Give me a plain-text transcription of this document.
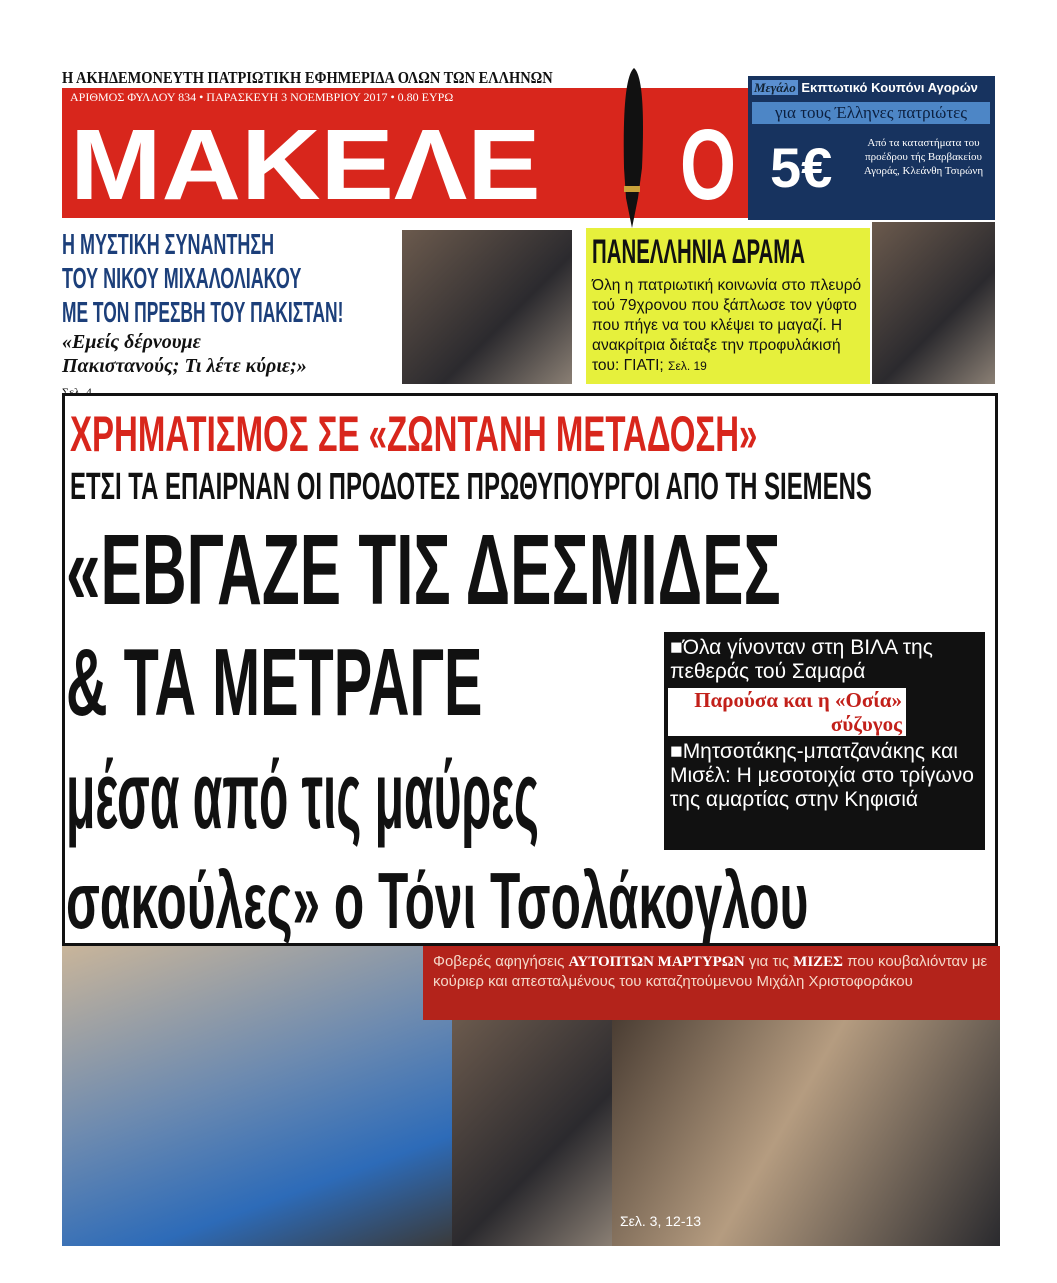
Η ΑΚΗΔΕΜΟΝΕΥΤΗ ΠΑΤΡΙΩΤΙΚΗ ΕΦΗΜΕΡΙΔΑ ΟΛΩΝ ΤΩΝ ΕΛΛΗΝΩΝ
ΑΡΙΘΜΟΣ ΦΥΛΛΟΥ 834 • ΠΑΡΑΣΚΕΥΗ 3 ΝΟΕΜΒΡΙΟΥ 2017 • 0.80 ΕΥΡΩ
ΜΑΚΕΛΕ Ο
Μεγάλο Εκπτωτικό Κουπόνι Αγορών
για τους Έλληνες πατριώτες
5€	Από τα καταστήματα του προέδρου τής Βαρβακείου Αγοράς, Κλεάνθη Τσιρώνη
Η ΜΥΣΤΙΚΗ ΣΥΝΑΝΤΗΣΗ
ΤΟΥ ΝΙΚΟΥ ΜΙΧΑΛΟΛΙΑΚΟΥ
ΜΕ ΤΟΝ ΠΡΕΣΒΗ ΤΟΥ ΠΑΚΙΣΤΑΝ!
«Εμείς δέρνουμε Πακιστανούς; Τι λέτε κύριε;» Σελ. 4
ΠΑΝΕΛΛΗΝΙΑ ΔΡΑΜΑ
Όλη η πατριωτική κοινωνία στο πλευρό τού 79χρονου που ξάπλωσε τον γύφτο που πήγε να του κλέψει το μαγαζί. Η ανακρίτρια διέταξε την προφυλάκισή του: ΓΙΑΤΙ; Σελ. 19
ΧΡΗΜΑΤΙΣΜΟΣ ΣΕ «ΖΩΝΤΑΝΗ ΜΕΤΑΔΟΣΗ»
ΕΤΣΙ ΤΑ ΕΠΑΙΡΝΑΝ ΟΙ ΠΡΟΔΟΤΕΣ ΠΡΩΘΥΠΟΥΡΓΟΙ ΑΠΟ ΤΗ SIEMENS
«ΕΒΓΑΖΕ ΤΙΣ ΔΕΣΜΙΔΕΣ
& ΤΑ ΜΕΤΡΑΓΕ
μέσα από τις μαύρες
σακούλες» ο Τόνι Τσολάκογλου
■Όλα γίνονταν στη ΒΙΛΑ της πεθεράς τού Σαμαρά
Παρούσα και η «Οσία» σύζυγος
■Μητσοτάκης-μπατζανάκης και Μισέλ: Η μεσοτοιχία στο τρίγωνο της αμαρτίας στην Κηφισιά
Φοβερές αφηγήσεις ΑΥΤΟΠΤΩΝ ΜΑΡΤΥΡΩΝ για τις ΜΙΖΕΣ που κουβαλιόνταν με κούριερ και απεσταλμένους του καταζητούμενου Μιχάλη Χριστοφοράκου
Σελ. 3, 12-13
